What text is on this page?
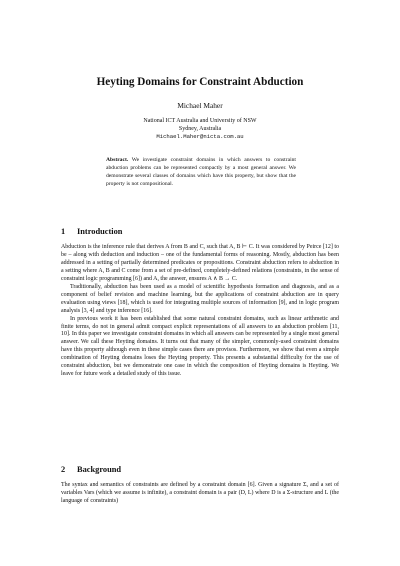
Heyting Domains for Constraint Abduction
Michael Maher
National ICT Australia and University of NSW
Sydney, Australia
Michael.Maher@nicta.com.au
Abstract. We investigate constraint domains in which answers to constraint abduction problems can be represented compactly by a most general answer. We demonstrate several classes of domains which have this property, but show that the property is not compositional.
1 Introduction

Abduction is the inference rule that derives A from B and C, such that A, B ⊢ C. It was considered by Peirce [12] to be – along with deduction and induction – one of the fundamental forms of reasoning. Mostly, abduction has been addressed in a setting of partially determined predicates or propositions. Constraint abduction refers to abduction in a setting where A, B and C come from a set of pre-defined, completely-defined relations (constraints, in the sense of constraint logic programming [6]) and A, the answer, ensures A ∧ B → C.

Traditionally, abduction has been used as a model of scientific hypothesis formation and diagnosis, and as a component of belief revision and machine learning, but the applications of constraint abduction are in query evaluation using views [18], which is used for integrating multiple sources of information [9], and in logic program analysis [3, 4] and type inference [16].

In previous work it has been established that some natural constraint domains, such as linear arithmetic and finite terms, do not in general admit compact explicit representations of all answers to an abduction problem [11, 10]. In this paper we investigate constraint domains in which all answers can be represented by a single most general answer. We call these Heyting domains. It turns out that many of the simpler, commonly-used constraint domains have this property although even in these simple cases there are provisos. Furthermore, we show that even a simple combination of Heyting domains loses the Heyting property. This presents a substantial difficulty for the use of constraint abduction, but we demonstrate one case in which the composition of Heyting domains is Heyting. We leave for future work a detailed study of this issue.

2 Background

The syntax and semantics of constraints are defined by a constraint domain [6]. Given a signature Σ, and a set of variables Vars (which we assume is infinite), a constraint domain is a pair (D, L) where D is a Σ-structure and L (the language of constraints)
